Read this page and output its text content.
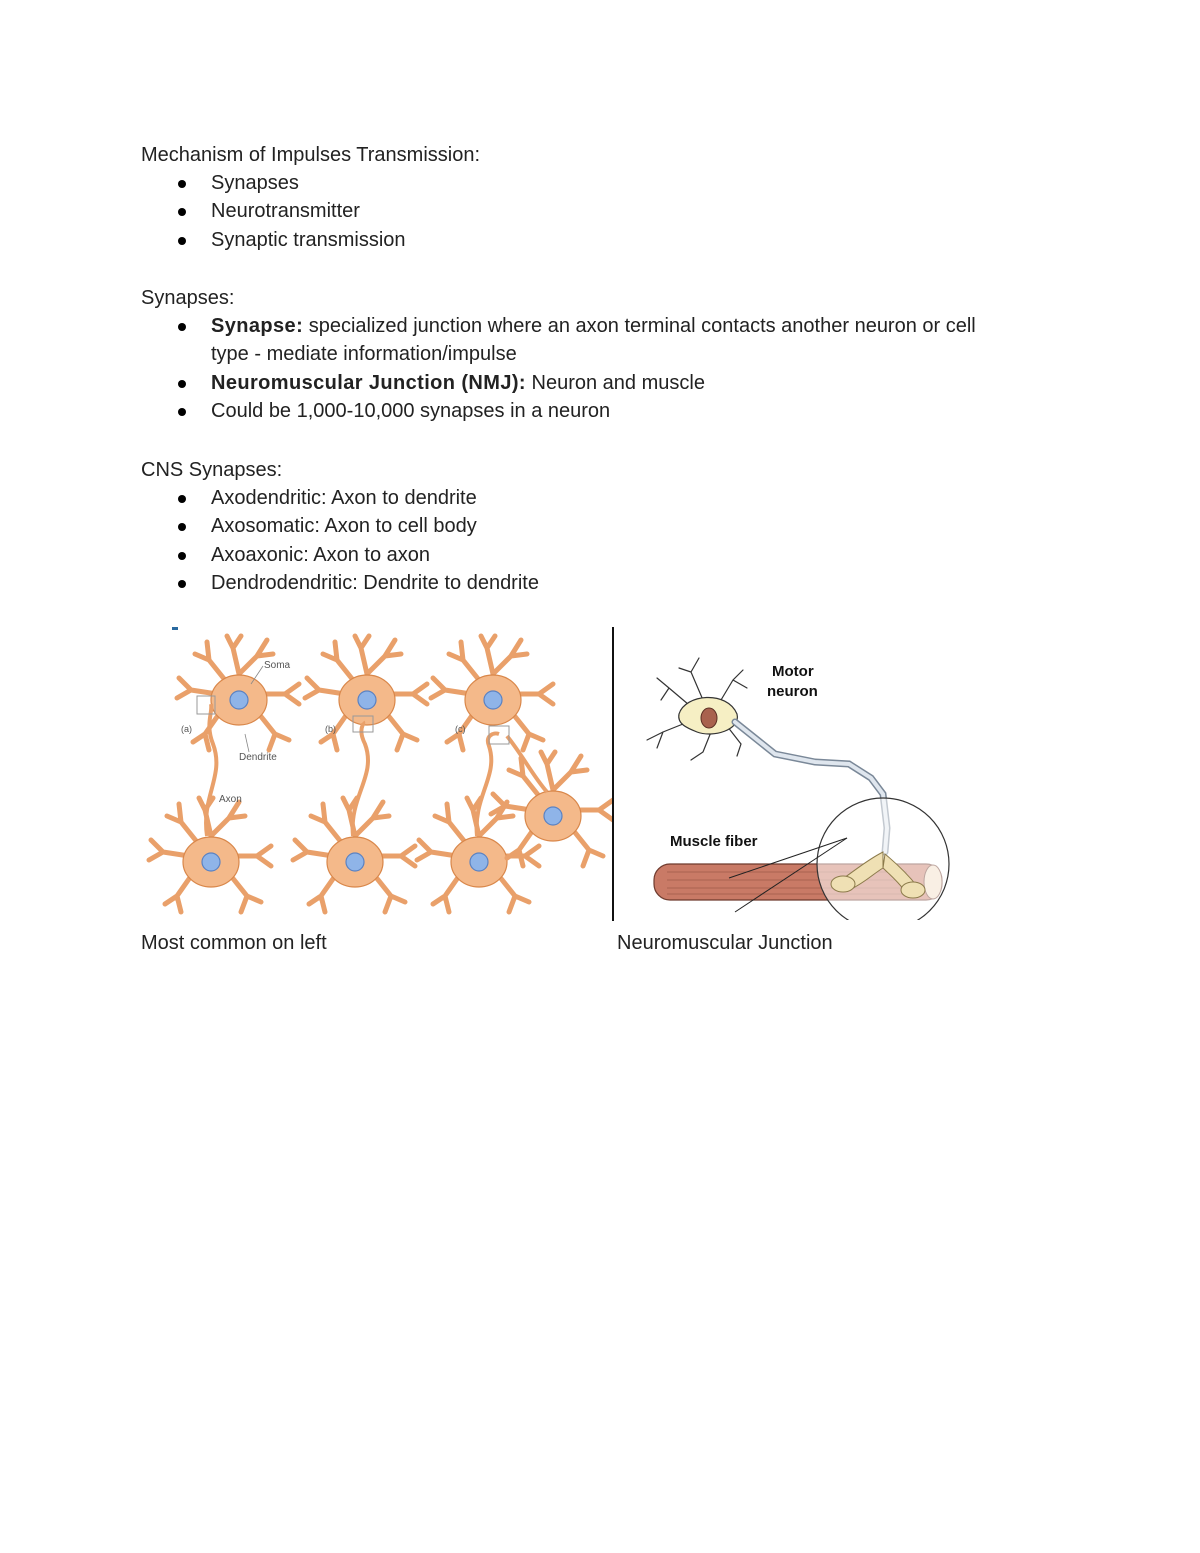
Mechanism of Impulses Transmission:

Synapses
Neurotransmitter
Synaptic transmission

Synapses:

Synapse: specialized junction where an axon terminal contacts another neuron or cell
type - mediate information/impulse
Neuromuscular Junction (NMJ): Neuron and muscle
Could be 1,000-10,000 synapses in a neuron

CNS Synapses:

Axodendritic: Axon to dendrite
Axosomatic: Axon to cell body
Axoaxonic: Axon to axon
Dendrodendritic: Dendrite to dendrite
Soma
Dendrite
Axon
(a)	(b)	(c)
Motor
neuron
Muscle fiber
Most common on left	Neuromuscular Junction
